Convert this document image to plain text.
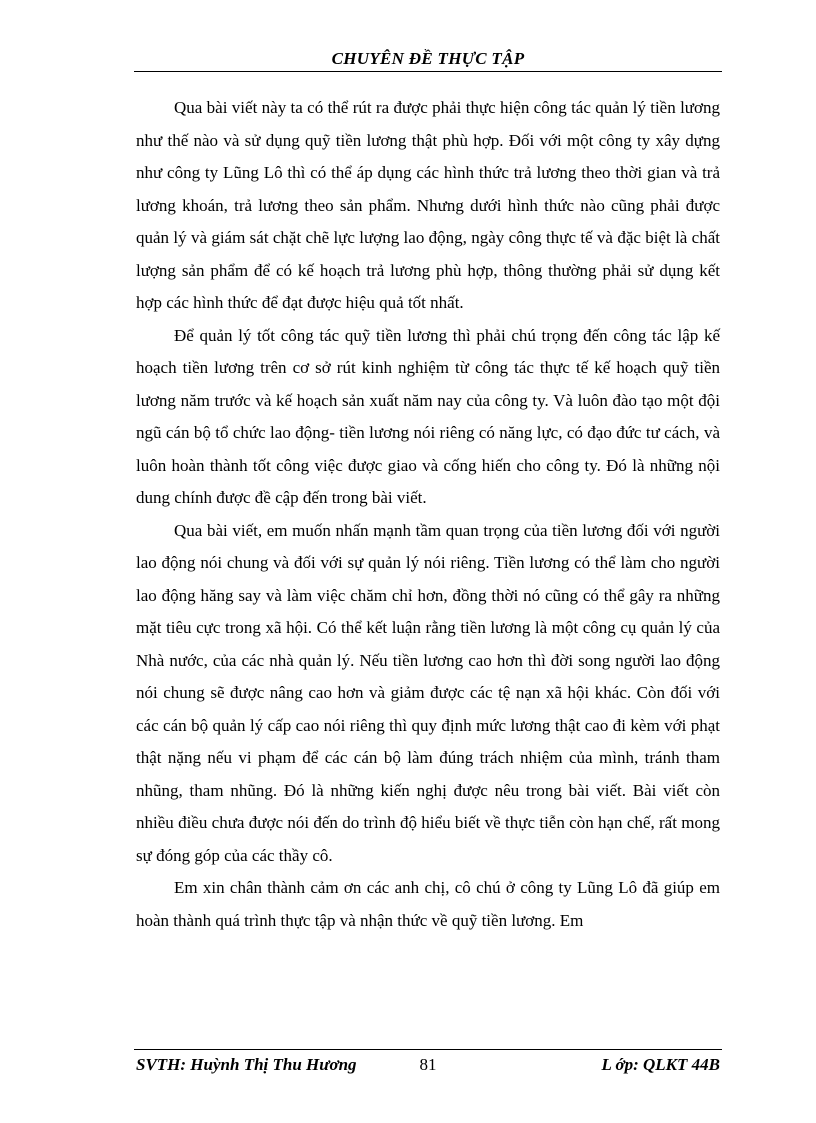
CHUYÊN ĐỀ THỰC TẬP

Qua bài viết này ta có thể rút ra được phải thực hiện công tác quản lý tiền lương như thế nào và sử dụng quỹ tiền lương thật phù hợp. Đối với một công ty xây dựng như công ty Lũng Lô thì có thể áp dụng các hình thức trả lương theo thời gian và trả lương khoán, trả lương theo sản phẩm. Nhưng dưới hình thức nào cũng phải được quản lý và giám sát chặt chẽ lực lượng lao động, ngày công thực tế và đặc biệt là chất lượng sản phẩm để có kế hoạch trả lương phù hợp, thông thường phải sử dụng kết hợp các hình thức để đạt được hiệu quả tốt nhất.

Để quản lý tốt công tác quỹ tiền lương thì phải chú trọng đến công tác lập kế hoạch tiền lương trên cơ sở rút kinh nghiệm từ công tác thực tế kế hoạch quỹ tiền lương năm trước và kế hoạch sản xuất năm nay của công ty. Và luôn đào tạo một đội ngũ cán bộ tổ chức lao động- tiền lương nói riêng có năng lực, có đạo đức tư cách, và luôn hoàn thành tốt công việc được giao và cống hiến cho công ty. Đó là những nội dung chính được đề cập đến trong bài viết.

Qua bài viết, em muốn nhấn mạnh tầm quan trọng của tiền lương đối với người lao động nói chung và đối với sự quản lý nói riêng. Tiền lương có thể làm cho người lao động hăng say và làm việc chăm chỉ hơn, đồng thời nó cũng có thể gây ra những mặt tiêu cực trong xã hội. Có thể kết luận rằng tiền lương là một công cụ quản lý của Nhà nước, của các nhà quản lý. Nếu tiền lương cao hơn thì đời song người lao động nói chung sẽ được nâng cao hơn và giảm được các tệ nạn xã hội khác. Còn đối với các cán bộ quản lý cấp cao nói riêng thì quy định mức lương thật cao đi kèm với phạt thật nặng nếu vi phạm để các cán bộ làm đúng trách nhiệm của mình, tránh tham nhũng, tham nhũng. Đó là những kiến nghị được nêu trong bài viết. Bài viết còn nhiều điều chưa được nói đến do trình độ hiểu biết về thực tiễn còn hạn chế, rất mong sự đóng góp của các thầy cô.

Em xin chân thành cảm ơn các anh chị, cô chú ở công ty Lũng Lô đã giúp em hoàn thành quá trình thực tập và nhận thức về quỹ tiền lương. Em

SVTH: Huỳnh Thị Thu Hương	81	L ớp: QLKT 44B
